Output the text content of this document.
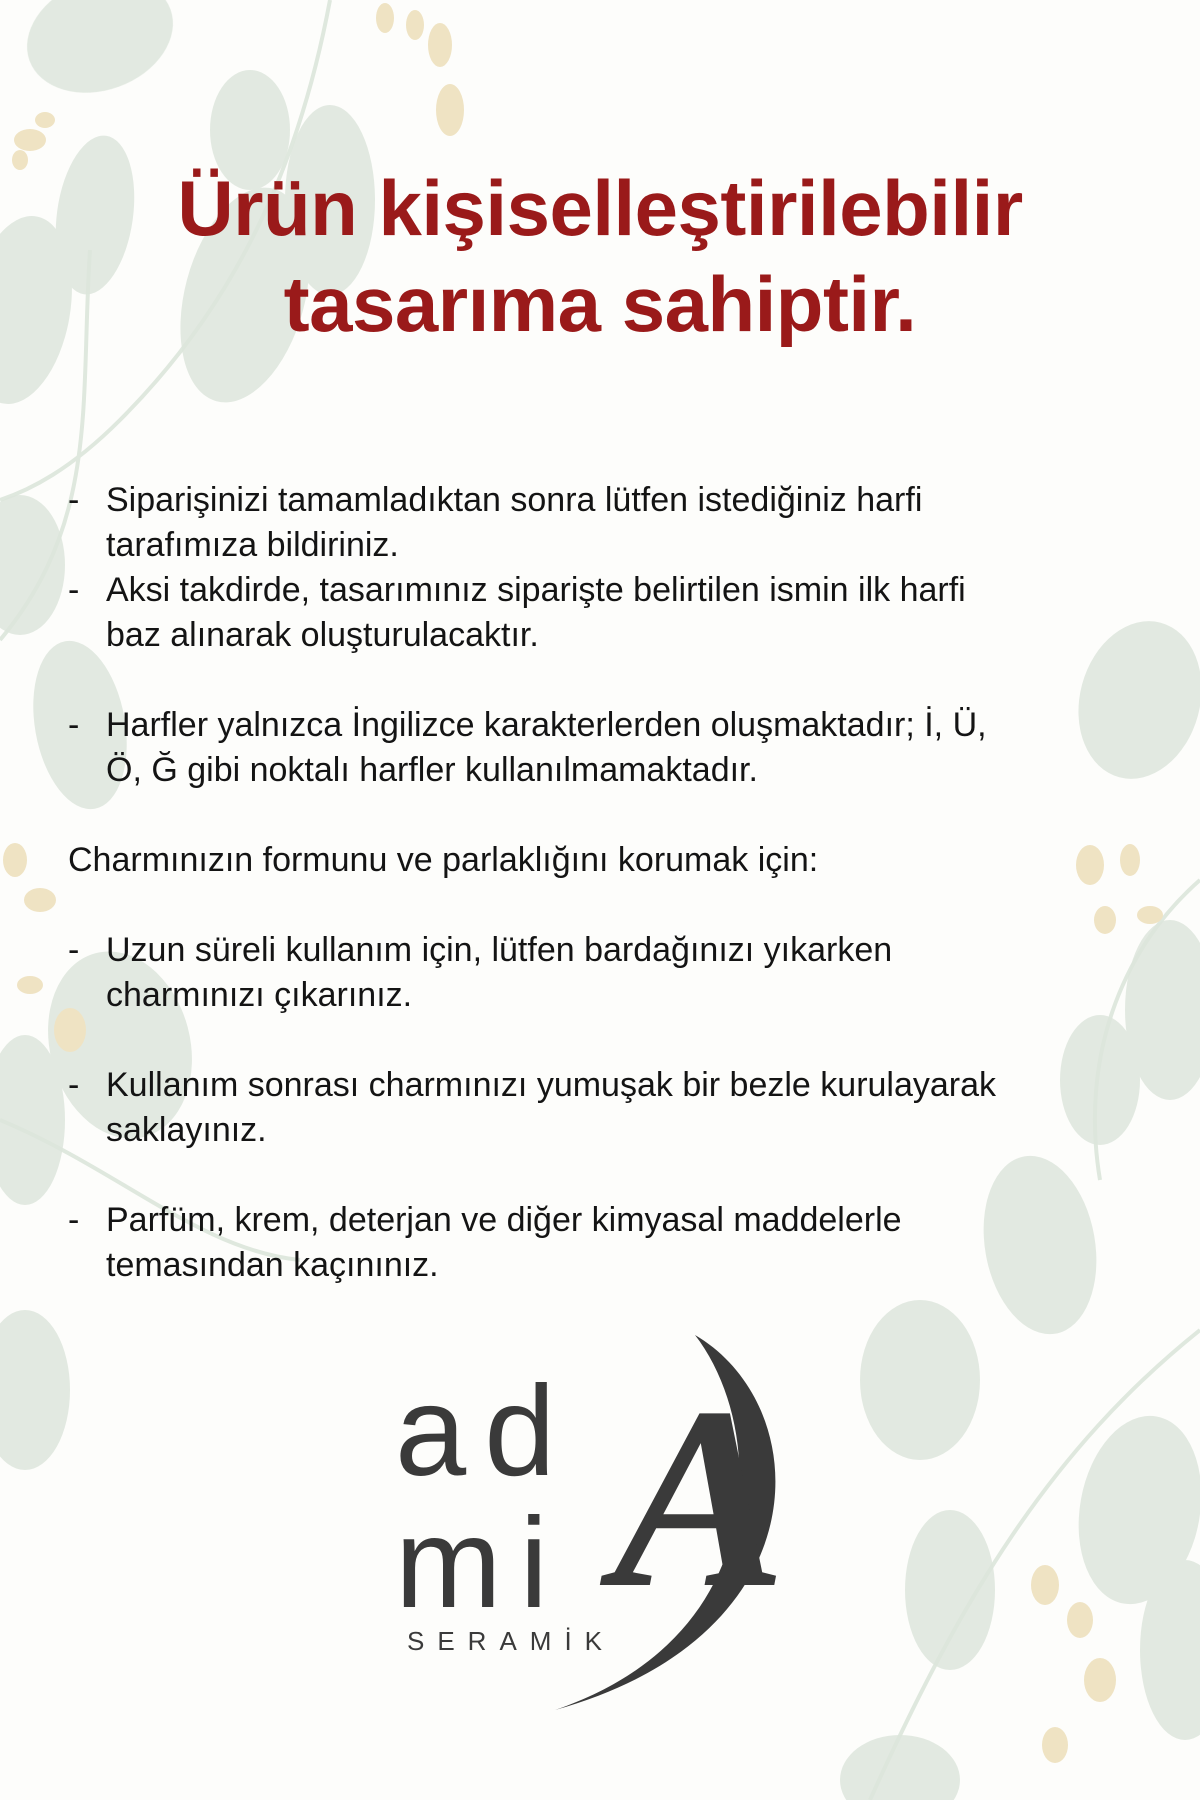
Ürün kişiselleştirilebilir
tasarıma sahiptir.
- Siparişinizi tamamladıktan sonra lütfen istediğiniz harfi
tarafımıza bildiriniz.
- Aksi takdirde, tasarımınız siparişte belirtilen ismin ilk harfi
baz alınarak oluşturulacaktır.
- Harfler yalnızca İngilizce karakterlerden oluşmaktadır; İ, Ü,
Ö, Ğ gibi noktalı harfler kullanılmamaktadır.

Charmınızın formunu ve parlaklığını korumak için:

- Uzun süreli kullanım için, lütfen bardağınızı yıkarken
charmınızı çıkarınız.
- Kullanım sonrası charmınızı yumuşak bir bezle kurulayarak
saklayınız.
- Parfüm, krem, deterjan ve diğer kimyasal maddelerle
temasından kaçınınız.
A
ad
mi
SERAMİK
